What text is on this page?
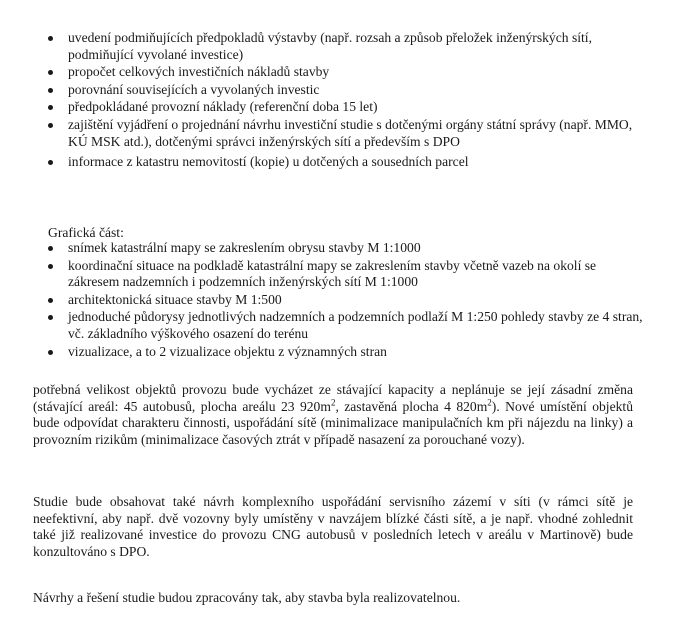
uvedení podmiňujících předpokladů výstavby (např. rozsah a způsob přeložek inženýrských sítí, podmiňující vyvolané investice)
propočet celkových investičních nákladů stavby
porovnání souvisejících a vyvolaných investic
předpokládané provozní náklady (referenční doba 15 let)
zajištění vyjádření o projednání návrhu investiční studie s dotčenými orgány státní správy (např. MMO, KÚ MSK atd.), dotčenými správci inženýrských sítí a především s DPO
informace z katastru nemovitostí (kopie) u dotčených a sousedních parcel
Grafická část:
snímek katastrální mapy se zakreslením obrysu stavby M 1:1000
koordinační situace na podkladě katastrální mapy se zakreslením stavby včetně vazeb na okolí se zákresem nadzemních i podzemních inženýrských sítí M 1:1000
architektonická situace stavby M 1:500
jednoduché půdorysy jednotlivých nadzemních a podzemních podlaží M 1:250 pohledy stavby ze 4 stran, vč. základního výškového osazení do terénu
vizualizace, a to 2 vizualizace objektu z významných stran

potřebná velikost objektů provozu bude vycházet ze stávající kapacity a neplánuje se její zásadní změna (stávající areál: 45 autobusů, plocha areálu 23 $920m^2$, zastavěná plocha 4 $820m^2$). Nové umístění objektů bude odpovídat charakteru činnosti, uspořádání sítě (minimalizace manipulačních km při nájezdu na linky) a provozním rizikům (minimalizace časových ztrát v případě nasazení za porouchané vozy).

Studie bude obsahovat také návrh komplexního uspořádání servisního zázemí v síti (v rámci sítě je neefektivní, aby např. dvě vozovny byly umístěny v navzájem blízké části sítě, a je např. vhodné zohlednit také již realizované investice do provozu CNG autobusů v posledních letech v areálu v Martinově) bude konzultováno s DPO.

Návrhy a řešení studie budou zpracovány tak, aby stavba byla realizovatelnou.
